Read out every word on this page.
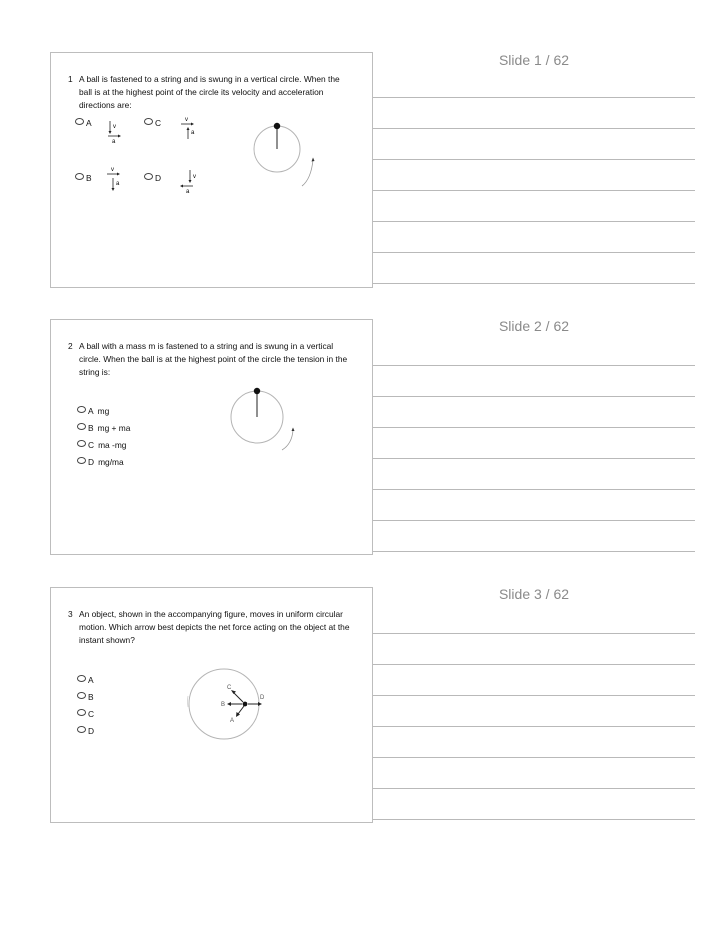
Slide 1 / 62
1 A ball is fastened to a string and is swung in a vertical circle. When the ball is at the highest point of the circle its velocity and acceleration directions are:
A	C
B	D
v
a
v
a
v
a
v
a
Slide 2 / 62
2 A ball with a mass m is fastened to a string and is swung in a vertical circle. When the ball is at the highest point of the circle the tension in the string is:
A mg
B mg + ma
C ma -mg
D mg/ma
Slide 3 / 62
3 An object, shown in the accompanying figure, moves in uniform circular motion. Which arrow best depicts the net force acting on the object at the instant shown?
A
B
C
D
C
B
D
A
